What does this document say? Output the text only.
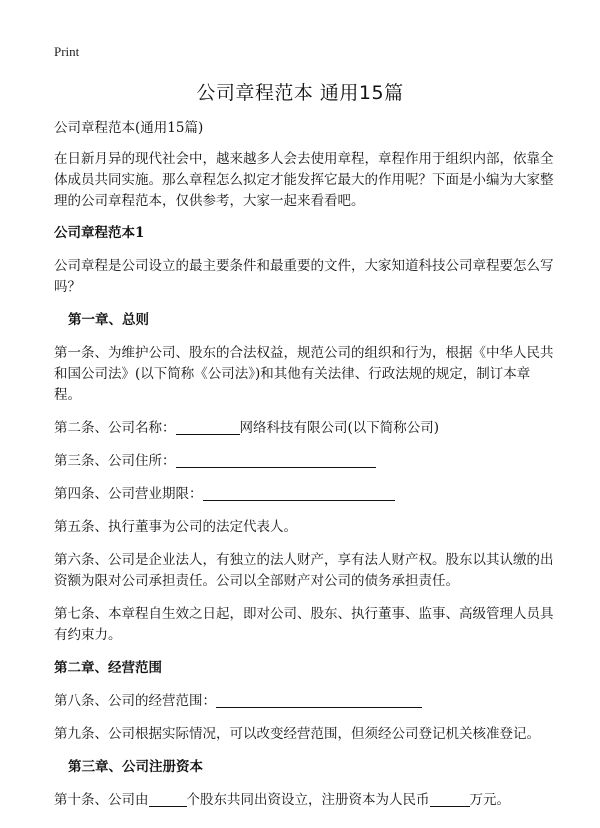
Print
公司章程范本 通用15篇

公司章程范本(通用15篇)

在日新月异的现代社会中，越来越多人会去使用章程，章程作用于组织内部，依靠全体成员共同实施。那么章程怎么拟定才能发挥它最大的作用呢？下面是小编为大家整理的公司章程范本，仅供参考，大家一起来看看吧。

公司章程范本1

公司章程是公司设立的最主要条件和最重要的文件，大家知道科技公司章程要怎么写吗？

第一章、总则

第一条、为维护公司、股东的合法权益，规范公司的组织和行为，根据《中华人民共和国公司法》(以下简称《公司法》)和其他有关法律、行政法规的规定，制订本章程。

第二条、公司名称：	网络科技有限公司(以下简称公司)

第三条、公司住所：

第四条、公司营业期限：

第五条、执行董事为公司的法定代表人。

第六条、公司是企业法人，有独立的法人财产，享有法人财产权。股东以其认缴的出资额为限对公司承担责任。公司以全部财产对公司的债务承担责任。

第七条、本章程自生效之日起，即对公司、股东、执行董事、监事、高级管理人员具有约束力。

第二章、经营范围

第八条、公司的经营范围：

第九条、公司根据实际情况，可以改变经营范围，但须经公司登记机关核准登记。

第三章、公司注册资本

第十条、公司由	个股东共同出资设立，注册资本为人民币	万元。
